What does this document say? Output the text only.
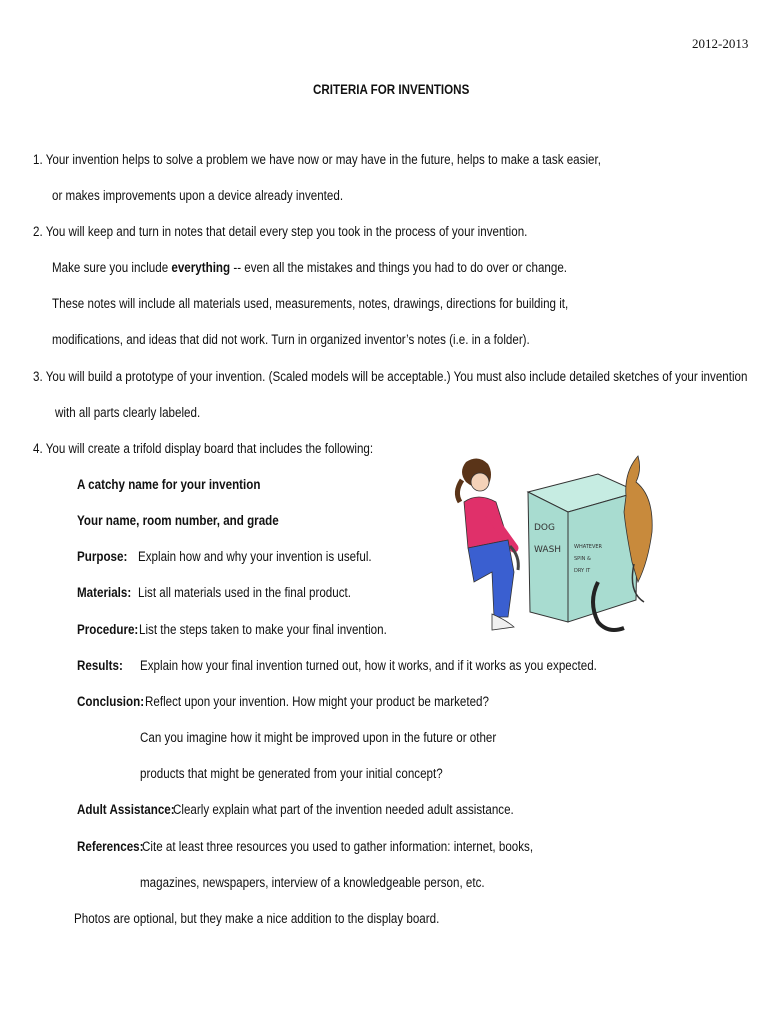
2012-2013
CRITERIA FOR INVENTIONS
1. Your invention helps to solve a problem we have now or may have in the future, helps to make a task easier,
or makes improvements upon a device already invented.
2. You will keep and turn in notes that detail every step you took in the process of your invention.
Make sure you include everything -- even all the mistakes and things you had to do over or change.
These notes will include all materials used, measurements, notes, drawings, directions for building it,
modifications, and ideas that did not work. Turn in organized inventor’s notes (i.e. in a folder).
3. You will build a prototype of your invention. (Scaled models will be acceptable.) You must also include detailed sketches of your invention
with all parts clearly labeled.
4. You will create a trifold display board that includes the following:
A catchy name for your invention
Your name, room number, and grade
Purpose: Explain how and why your invention is useful.
Materials: List all materials used in the final product.
Procedure: List the steps taken to make your final invention.
Results: Explain how your final invention turned out, how it works, and if it works as you expected.
Conclusion: Reflect upon your invention. How might your product be marketed?
Can you imagine how it might be improved upon in the future or other
products that might be generated from your initial concept?
Adult Assistance:
Clearly explain what part of the invention needed adult assistance.
References:
Cite at least three resources you used to gather information: internet, books,
magazines, newspapers, interview of a knowledgeable person, etc.
Photos are optional, but they make a nice addition to the display board.
DOG
WASH	WHATEVER
SPIN &
DRY IT
